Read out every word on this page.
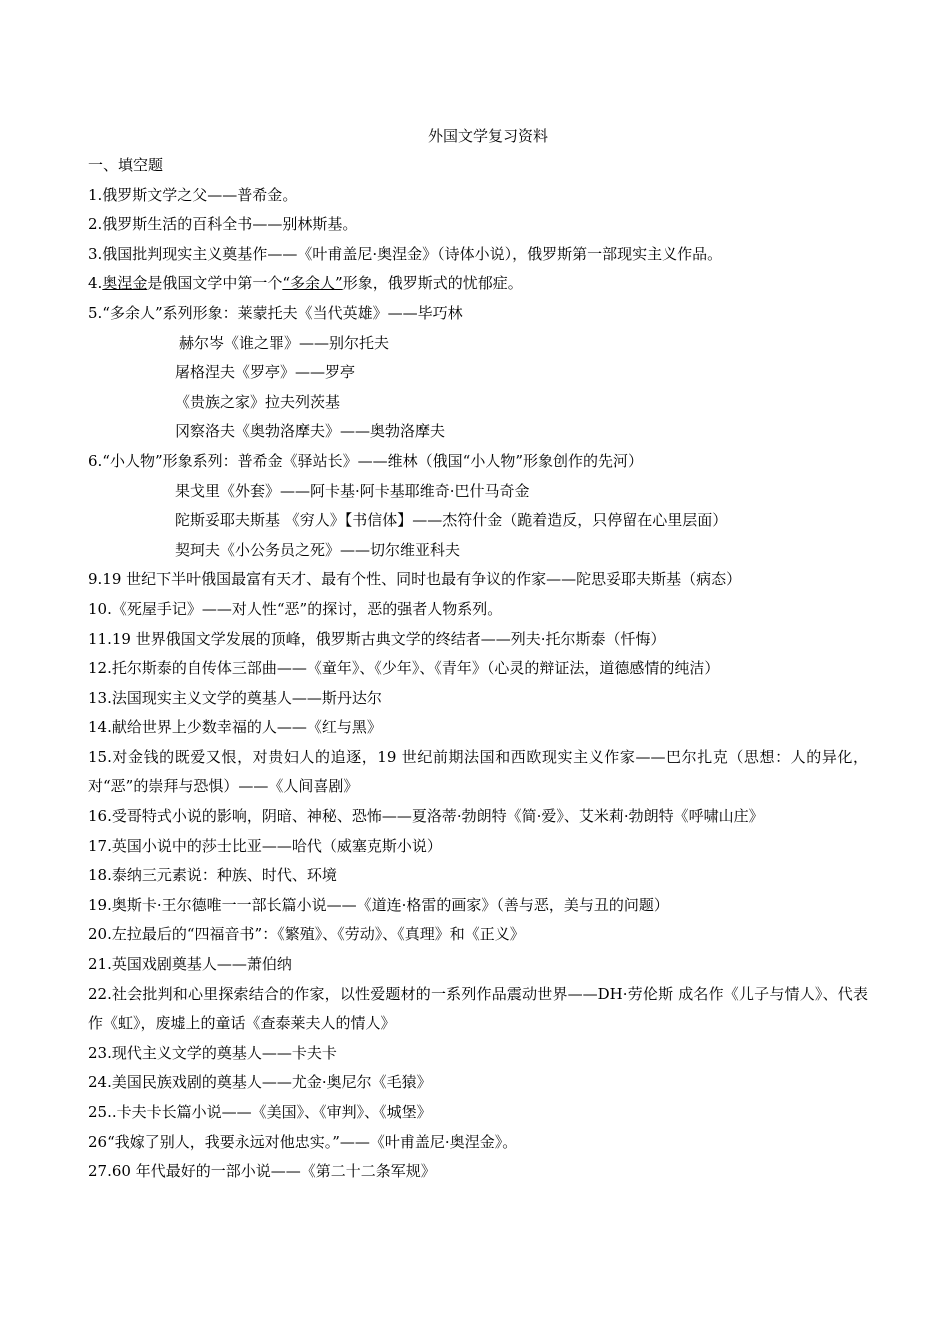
外国文学复习资料
一、填空题
1.俄罗斯文学之父——普希金。
2.俄罗斯生活的百科全书——别林斯基。
3.俄国批判现实主义奠基作——《叶甫盖尼·奥涅金》（诗体小说），俄罗斯第一部现实主义作品。
4.奥涅金是俄国文学中第一个“多余人”形象，俄罗斯式的忧郁症。
5.“多余人”系列形象：莱蒙托夫《当代英雄》——毕巧林
赫尔岑《谁之罪》——别尔托夫
屠格涅夫《罗亭》——罗亭
《贵族之家》拉夫列茨基
冈察洛夫《奥勃洛摩夫》——奥勃洛摩夫
6.“小人物”形象系列：普希金《驿站长》——维林（俄国“小人物”形象创作的先河）
果戈里《外套》——阿卡基·阿卡基耶维奇·巴什马奇金
陀斯妥耶夫斯基 《穷人》【书信体】——杰符什金（跪着造反，只停留在心里层面）
契珂夫《小公务员之死》——切尔维亚科夫
9.19 世纪下半叶俄国最富有天才、最有个性、同时也最有争议的作家——陀思妥耶夫斯基（病态）
10.《死屋手记》——对人性“恶”的探讨，恶的强者人物系列。
11.19 世界俄国文学发展的顶峰，俄罗斯古典文学的终结者——列夫·托尔斯泰（忏悔）
12.托尔斯泰的自传体三部曲——《童年》、《少年》、《青年》（心灵的辩证法，道德感情的纯洁）
13.法国现实主义文学的奠基人——斯丹达尔
14.献给世界上少数幸福的人——《红与黑》
15.对金钱的既爱又恨，对贵妇人的追逐，19 世纪前期法国和西欧现实主义作家——巴尔扎克（思想：人的异化，对“恶”的崇拜与恐惧）——《人间喜剧》
16.受哥特式小说的影响，阴暗、神秘、恐怖——夏洛蒂·勃朗特《简·爱》、艾米莉·勃朗特《呼啸山庄》
17.英国小说中的莎士比亚——哈代（威塞克斯小说）
18.泰纳三元素说：种族、时代、环境
19.奥斯卡·王尔德唯一一部长篇小说——《道连·格雷的画家》（善与恶，美与丑的问题）
20.左拉最后的“四福音书”：《繁殖》、《劳动》、《真理》和《正义》
21.英国戏剧奠基人——萧伯纳
22.社会批判和心里探索结合的作家，以性爱题材的一系列作品震动世界——DH·劳伦斯 成名作《儿子与情人》、代表作《虹》，废墟上的童话《查泰莱夫人的情人》
23.现代主义文学的奠基人——卡夫卡
24.美国民族戏剧的奠基人——尤金·奥尼尔《毛猿》
25..卡夫卡长篇小说——《美国》、《审判》、《城堡》
26“我嫁了别人，我要永远对他忠实。”——《叶甫盖尼·奥涅金》。
27.60 年代最好的一部小说——《第二十二条军规》
